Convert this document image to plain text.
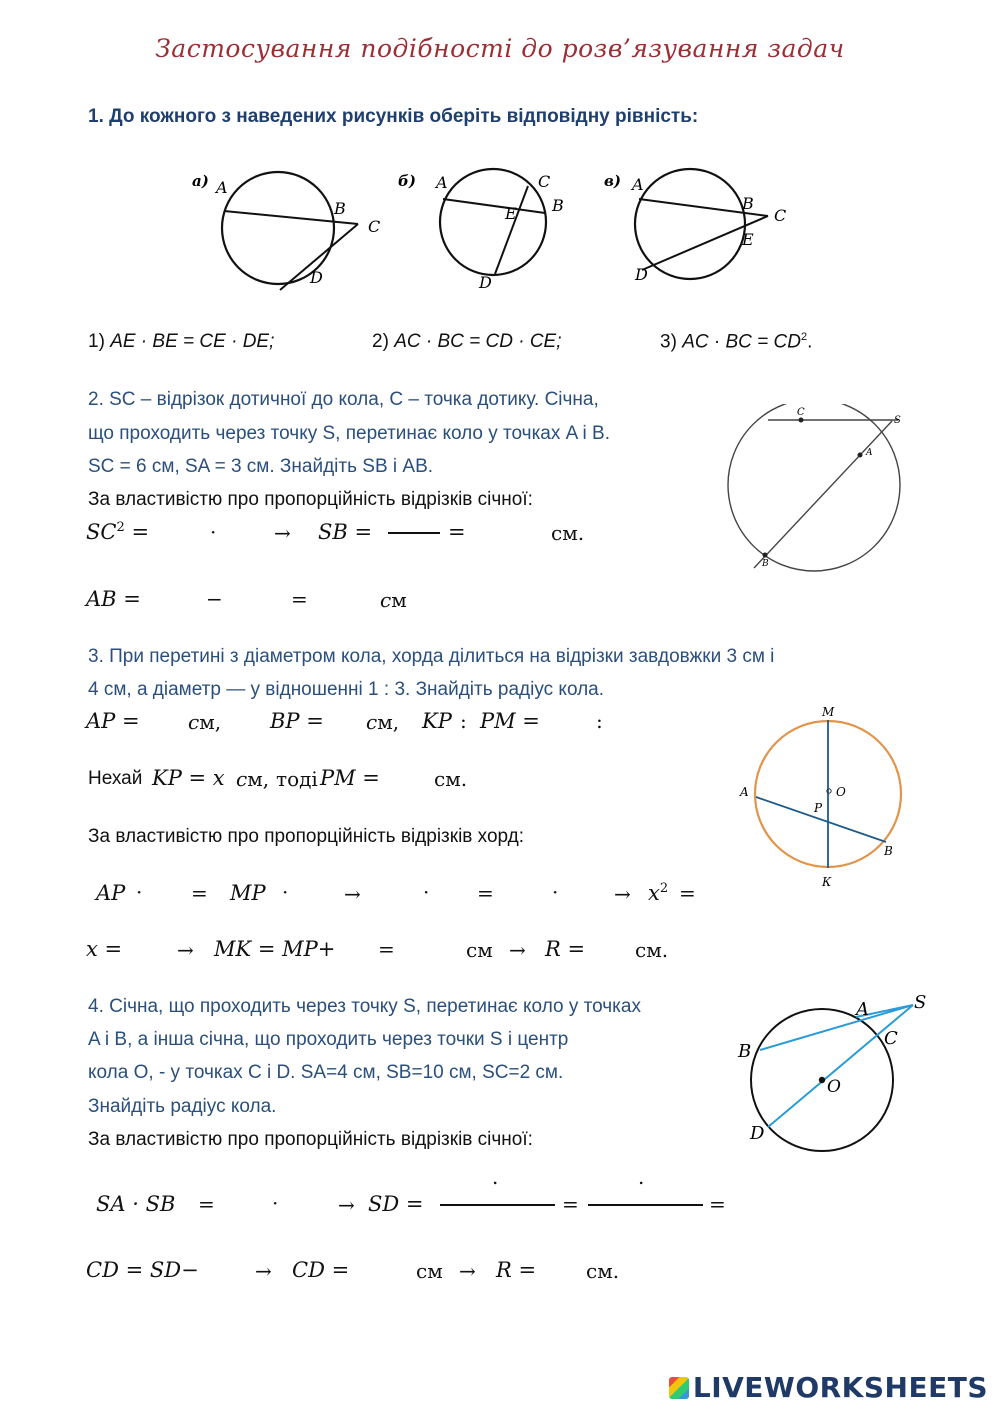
Застосування подібності до розв’язування задач
1. До кожного з наведених рисунків оберіть відповідну рівність:
а) A
B
C
D
б) A	C
B
E
D
в) A
B
C
E
D
1) AE · BE = CE · DE;	2) AC · BC = CD · CE;	3) AC · BC = $CD^2$.
2. SC – відрізок дотичної до кола, C – точка дотику. Січна,
що проходить через точку S, перетинає коло у точках A і B.
SC = 6 см, SA = 3 см. Знайдіть SB і AB.
За властивістю про пропорційність відрізків січної:
C
S
A
B
$SC^2$ =	·	→ SB =	=	см.
AB =	−	=	см
3. При перетині з діаметром кола, хорда ділиться на відрізки завдовжки 3 см і
4 см, а діаметр — у відношенні 1 : 3. Знайдіть радіус кола.
AP = см, BP = см, KP : PM =	:	M
O
A
P
B
К
Нехай KP = x см, тоді PM =	см.
За властивістю про пропорційність відрізків хорд:
AP · = MP ·	→	· =	·	→ $x^2$ =
x =	→ MK = MP+ =	см → R = см.
4. Січна, що проходить через точку S, перетинає коло у точках
A і B, а інша січна, що проходить через точки S і центр
кола O, - у точках C і D. SA=4 см, SB=10 см, SC=2 см.
Знайдіть радіус кола.
За властивістю про пропорційність відрізків січної:
A	S
B
C
O
D
SA · SB =	·	→ SD =
.
=
.
=
CD = SD−	→ CD =	см → R = см.
LIVEWORKSHEETS
